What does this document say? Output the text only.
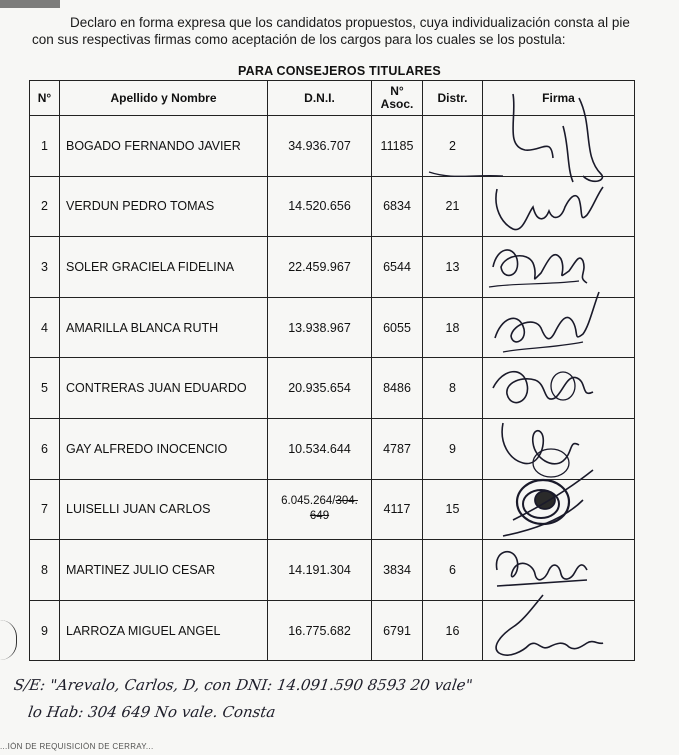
Declaro en forma expresa que los candidatos propuestos, cuya individualización consta al pie
con sus respectivas firmas como aceptación de los cargos para los cuales se los postula:
PARA CONSEJEROS TITULARES
N°	Apellido y Nombre	D.N.I.	N°
Asoc.	Distr.	Firma
1	BOGADO FERNANDO JAVIER	34.936.707	11185	2	

2	VERDUN PEDRO TOMAS	14.520.656	6834	21	

3	SOLER GRACIELA FIDELINA	22.459.967	6544	13	

4	AMARILLA BLANCA RUTH	13.938.967	6055	18	

5	CONTRERAS JUAN EDUARDO	20.935.654	8486	8	

6	GAY ALFREDO INOCENCIO	10.534.644	4787	9	

7	LUISELLI JUAN CARLOS	6.045.264/304.
649	4117	15	

8	MARTINEZ JULIO CESAR	14.191.304	3834	6	

9	LARROZA MIGUEL ANGEL	16.775.682	6791	16	
S/E: "Arevalo, Carlos, D, con DNI: 14.091.590 8593 20 vale"
lo Hab: 304 649 No vale. Consta
...IÓN DE REQUISICIÓN DE CERRAY...
